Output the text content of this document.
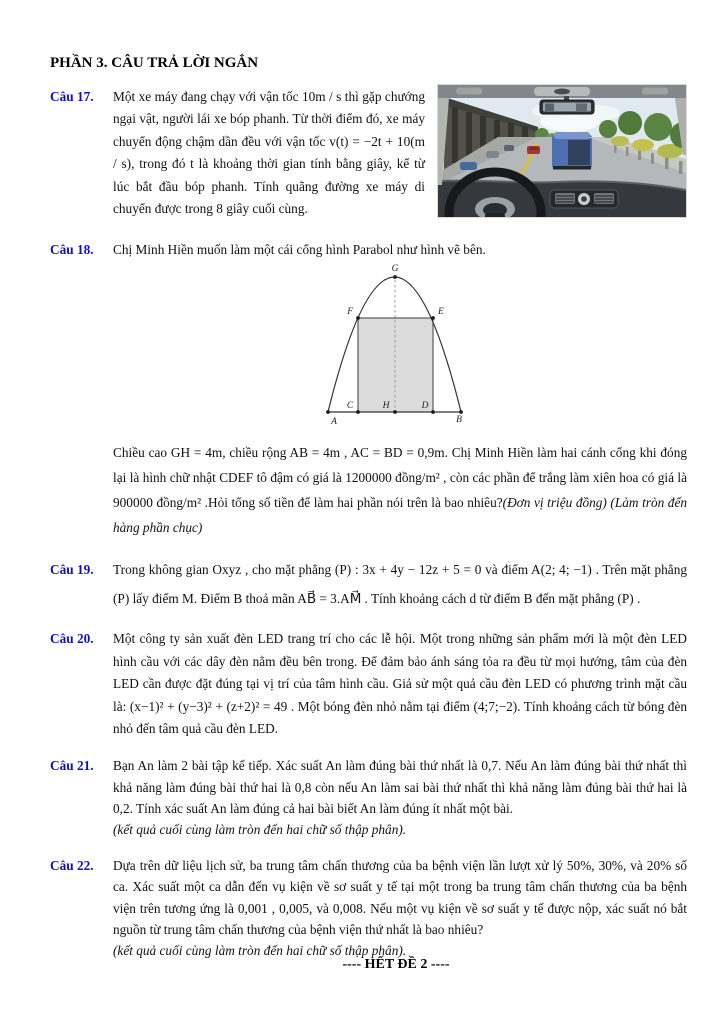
PHẦN 3. CÂU TRẢ LỜI NGẮN
Câu 17.	Một xe máy đang chạy với vận tốc 10m / s thì gặp chướng ngại vật, người lái xe bóp phanh. Từ thời điểm đó, xe máy chuyển động chậm dần đều với vận tốc v(t) = −2t + 10(m / s), trong đó t là khoảng thời gian tính bằng giây, kể từ lúc bắt đầu bóp phanh. Tính quãng đường xe máy di chuyển được trong 8 giây cuối cùng.
Câu 18.	Chị Minh Hiền muốn làm một cái cổng hình Parabol như hình vẽ bên.
G
F	E
C	H	D
A	B
Chiều cao GH = 4m, chiều rộng AB = 4m , AC = BD = 0,9m. Chị Minh Hiền làm hai cánh cổng khi đóng lại là hình chữ nhật CDEF tô đậm có giá là 1200000 đồng/m² , còn các phần để trắng làm xiên hoa có giá là 900000 đồng/m² .Hỏi tổng số tiền để làm hai phần nói trên là bao nhiêu?(Đơn vị triệu đồng) (Làm tròn đến hàng phần chục)
Câu 19.	Trong không gian Oxyz , cho mặt phẳng (P) : 3x + 4y − 12z + 5 = 0 và điểm A(2; 4; −1) . Trên mặt phẳng (P) lấy điểm M. Điểm B thoả mãn AB⃗ = 3.AM⃗ . Tính khoảng cách d từ điểm B đến mặt phẳng (P) .
Câu 20.	Một công ty sản xuất đèn LED trang trí cho các lễ hội. Một trong những sản phẩm mới là một đèn LED hình cầu với các dây đèn nằm đều bên trong. Để đảm bảo ánh sáng tỏa ra đều từ mọi hướng, tâm của đèn LED cần được đặt đúng tại vị trí của tâm hình cầu. Giả sử một quả cầu đèn LED có phương trình mặt cầu là: (x−1)² + (y−3)² + (z+2)² = 49 . Một bóng đèn nhỏ nằm tại điểm (4;7;−2). Tính khoảng cách từ bóng đèn nhỏ đến tâm quả cầu đèn LED.
Câu 21.	Bạn An làm 2 bài tập kế tiếp. Xác suất An làm đúng bài thứ nhất là 0,7. Nếu An làm đúng bài thứ nhất thì khả năng làm đúng bài thứ hai là 0,8 còn nếu An làm sai bài thứ nhất thì khả năng làm đúng bài thứ hai là 0,2. Tính xác suất An làm đúng cả hai bài biết An làm đúng ít nhất một bài.
(kết quả cuối cùng làm tròn đến hai chữ số thập phân).
Câu 22.	Dựa trên dữ liệu lịch sử, ba trung tâm chấn thương của ba bệnh viện lần lượt xử lý 50%, 30%, và 20% số ca. Xác suất một ca dẫn đến vụ kiện về sơ suất y tế tại một trong ba trung tâm chấn thương của ba bệnh viện trên tương ứng là 0,001 , 0,005, và 0,008. Nếu một vụ kiện về sơ suất y tế được nộp, xác suất nó bắt nguồn từ trung tâm chấn thương của bệnh viện thứ nhất là bao nhiêu?
(kết quả cuối cùng làm tròn đến hai chữ số thập phân).
---- HẾT ĐỀ 2 ----
